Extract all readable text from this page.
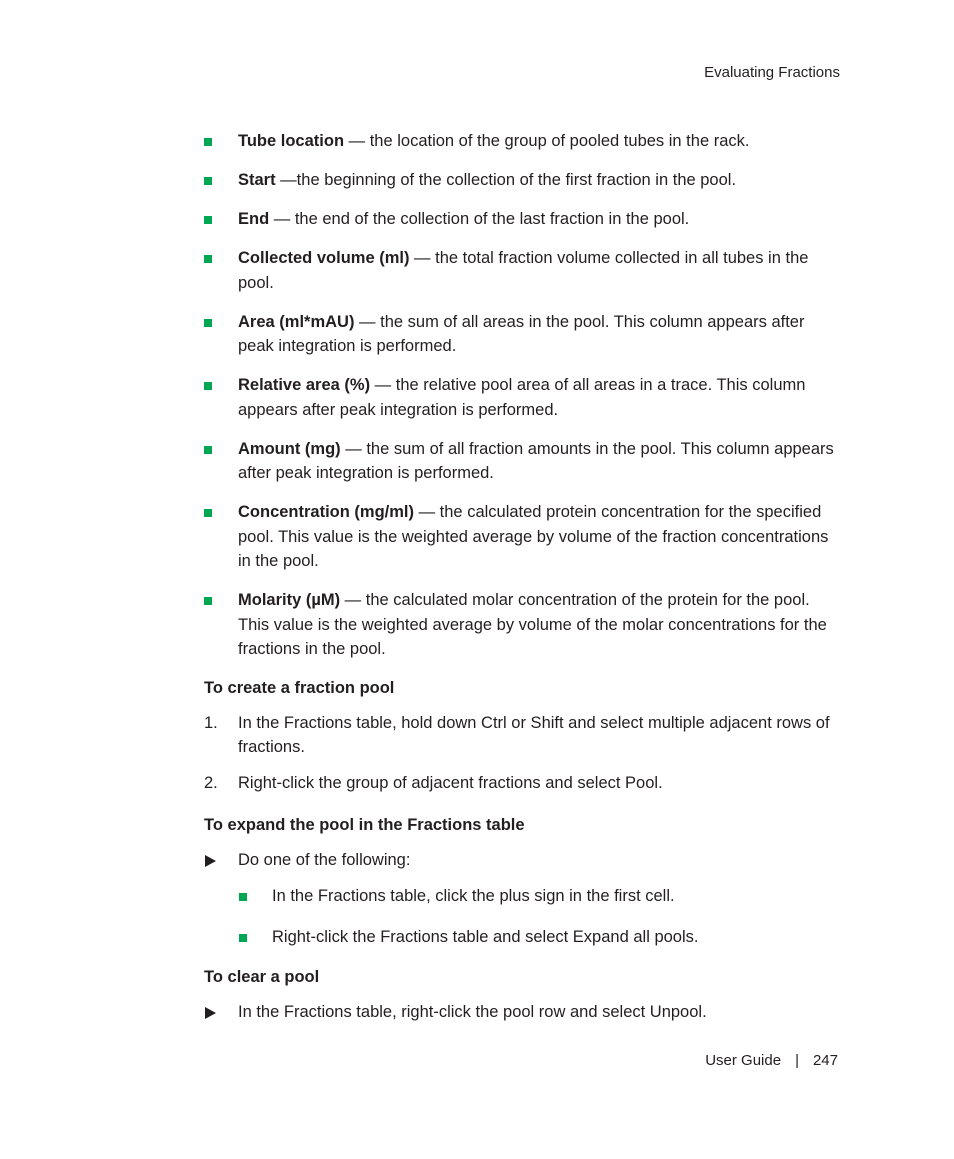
Evaluating Fractions
Tube location — the location of the group of pooled tubes in the rack.
Start —the beginning of the collection of the first fraction in the pool.
End — the end of the collection of the last fraction in the pool.
Collected volume (ml) — the total fraction volume collected in all tubes in the pool.
Area (ml*mAU) — the sum of all areas in the pool. This column appears after peak integration is performed.
Relative area (%) — the relative pool area of all areas in a trace. This column appears after peak integration is performed.
Amount (mg) — the sum of all fraction amounts in the pool. This column appears after peak integration is performed.
Concentration (mg/ml) — the calculated protein concentration for the specified pool. This value is the weighted average by volume of the fraction concentrations in the pool.
Molarity (µM) — the calculated molar concentration of the protein for the pool. This value is the weighted average by volume of the molar concentrations for the fractions in the pool.
To create a fraction pool
1. In the Fractions table, hold down Ctrl or Shift and select multiple adjacent rows of fractions.
2. Right-click the group of adjacent fractions and select Pool.
To expand the pool in the Fractions table
Do one of the following:
In the Fractions table, click the plus sign in the first cell.
Right-click the Fractions table and select Expand all pools.
To clear a pool
In the Fractions table, right-click the pool row and select Unpool.
User Guide | 247
